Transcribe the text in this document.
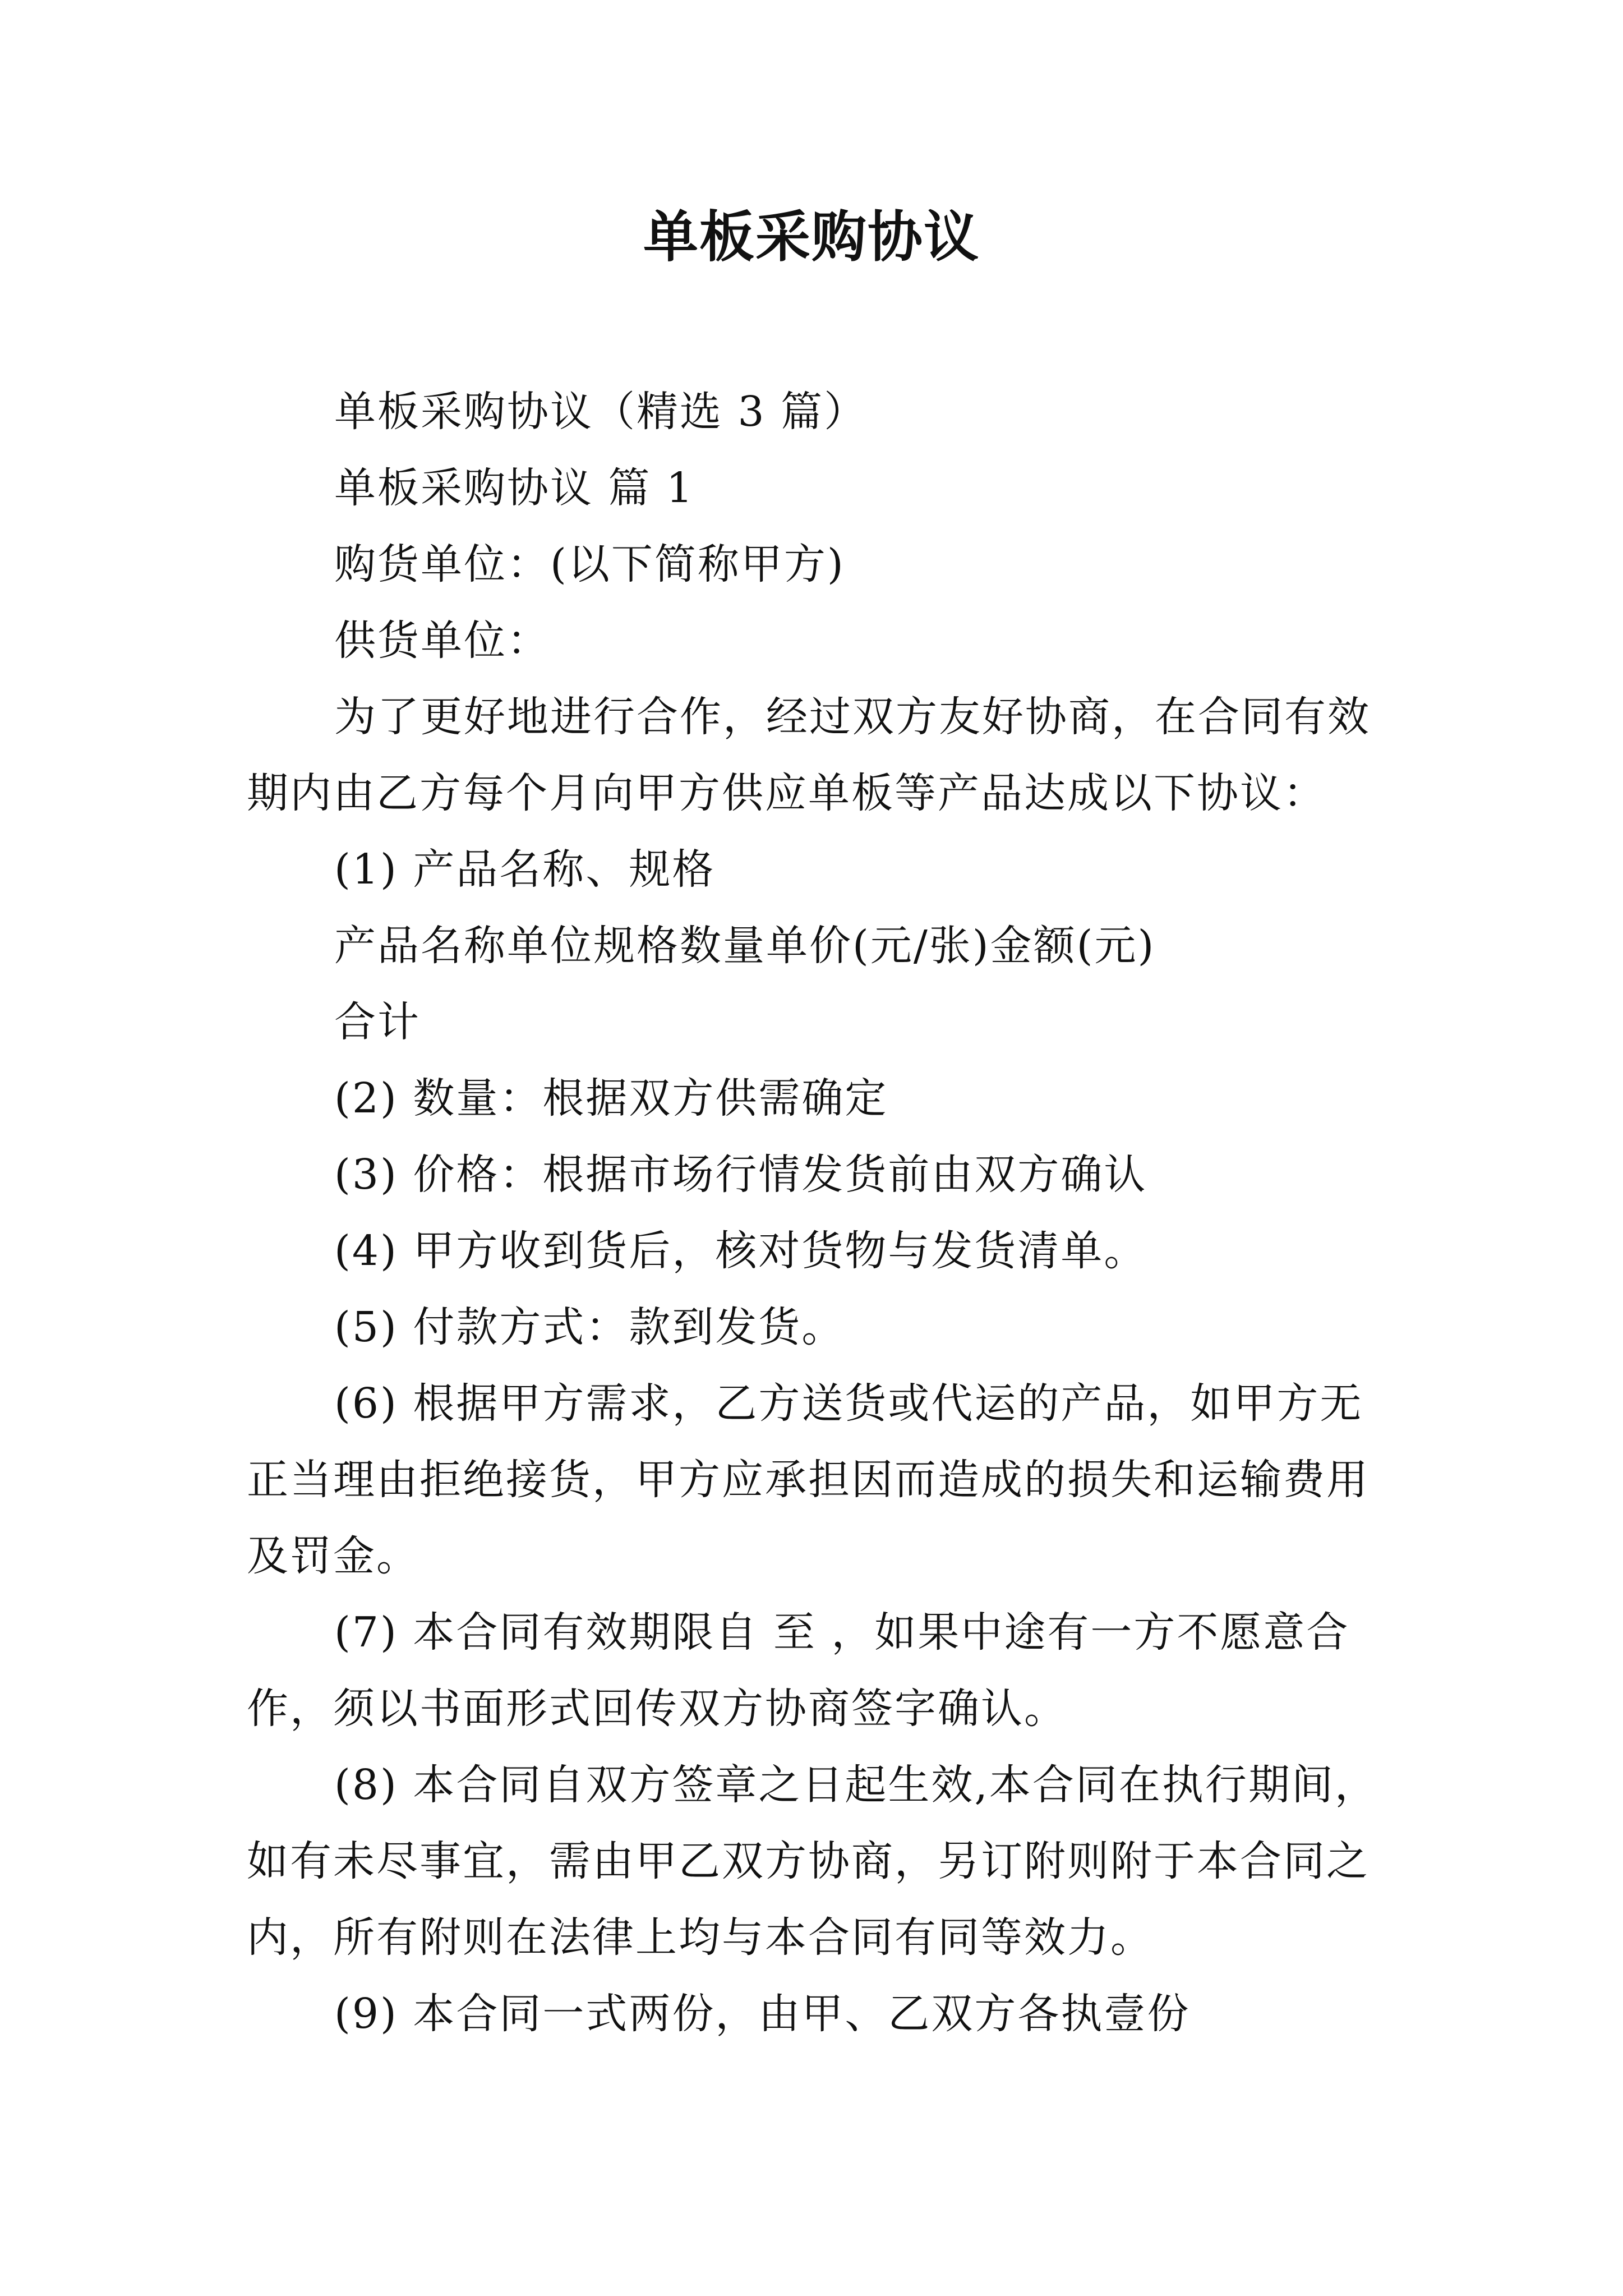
单板采购协议

单板采购协议（精选 3 篇）

单板采购协议 篇 1

购货单位：(以下简称甲方)

供货单位：

为了更好地进行合作，经过双方友好协商，在合同有效期内由乙方每个月向甲方供应单板等产品达成以下协议：

(1) 产品名称、规格

产品名称单位规格数量单价(元/张)金额(元)

合计

(2) 数量：根据双方供需确定

(3) 价格：根据市场行情发货前由双方确认

(4) 甲方收到货后，核对货物与发货清单。

(5) 付款方式：款到发货。

(6) 根据甲方需求，乙方送货或代运的产品，如甲方无正当理由拒绝接货，甲方应承担因而造成的损失和运输费用及罚金。

(7) 本合同有效期限自 至 ，如果中途有一方不愿意合作，须以书面形式回传双方协商签字确认。

(8) 本合同自双方签章之日起生效,本合同在执行期间，如有未尽事宜，需由甲乙双方协商，另订附则附于本合同之内，所有附则在法律上均与本合同有同等效力。

(9) 本合同一式两份，由甲、乙双方各执壹份
